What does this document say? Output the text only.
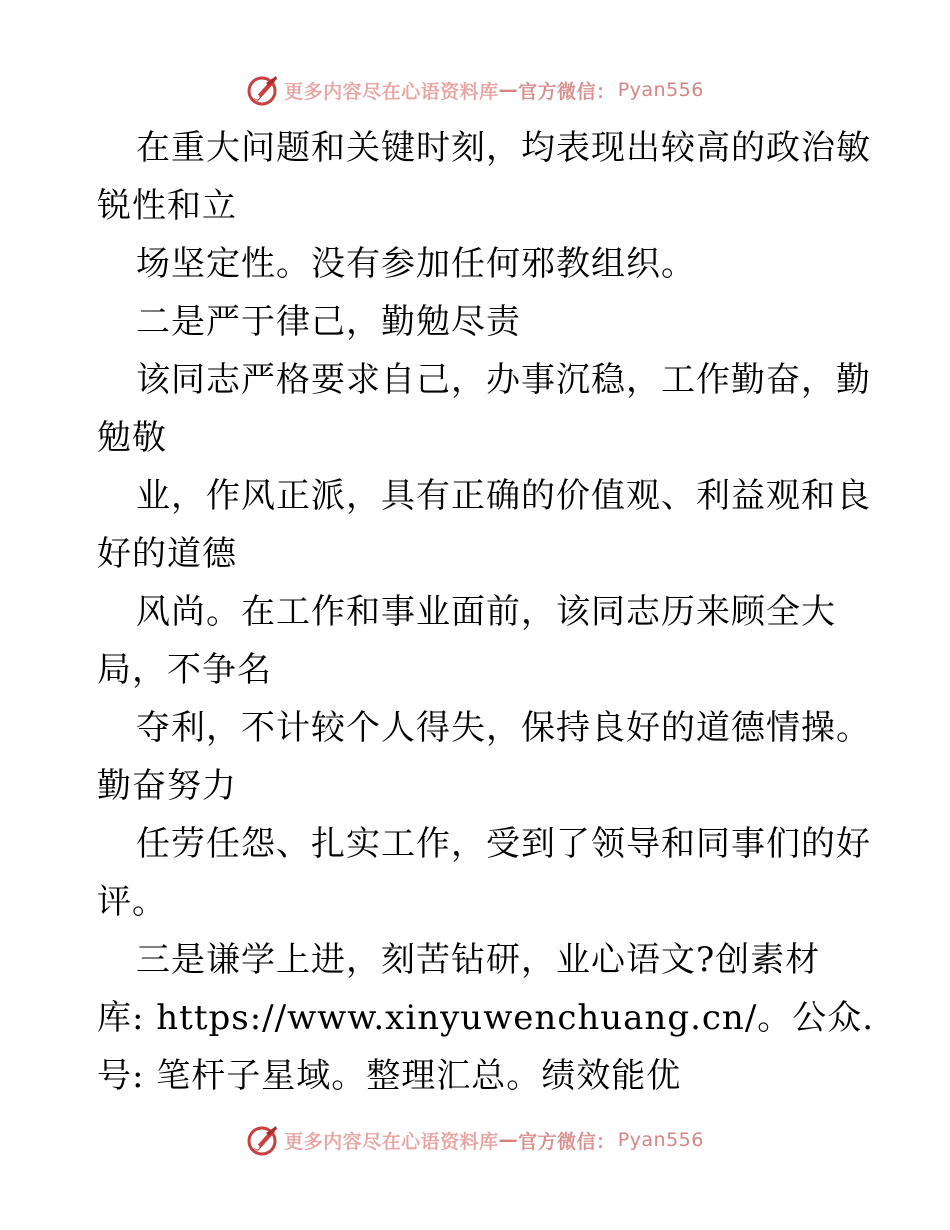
更多内容尽在心语资料库 — 官方微信： Pyan556
在重大问题和关键时刻，均表现出较高的政治敏
锐性和立
场坚定性。没有参加任何邪教组织。
二是严于律己，勤勉尽责
该同志严格要求自己，办事沉稳，工作勤奋，勤
勉敬
业，作风正派，具有正确的价值观、利益观和良
好的道德
风尚。在工作和事业面前，该同志历来顾全大
局，不争名
夺利，不计较个人得失，保持良好的道德情操。
勤奋努力
任劳任怨、扎实工作，受到了领导和同事们的好
评。
三是谦学上进，刻苦钻研，业心语文?创素材
库: https://www.xinyuwenchuang.cn/。公众.
号: 笔杆子星域。整理汇总。绩效能优
更多内容尽在心语资料库 — 官方微信： Pyan556
